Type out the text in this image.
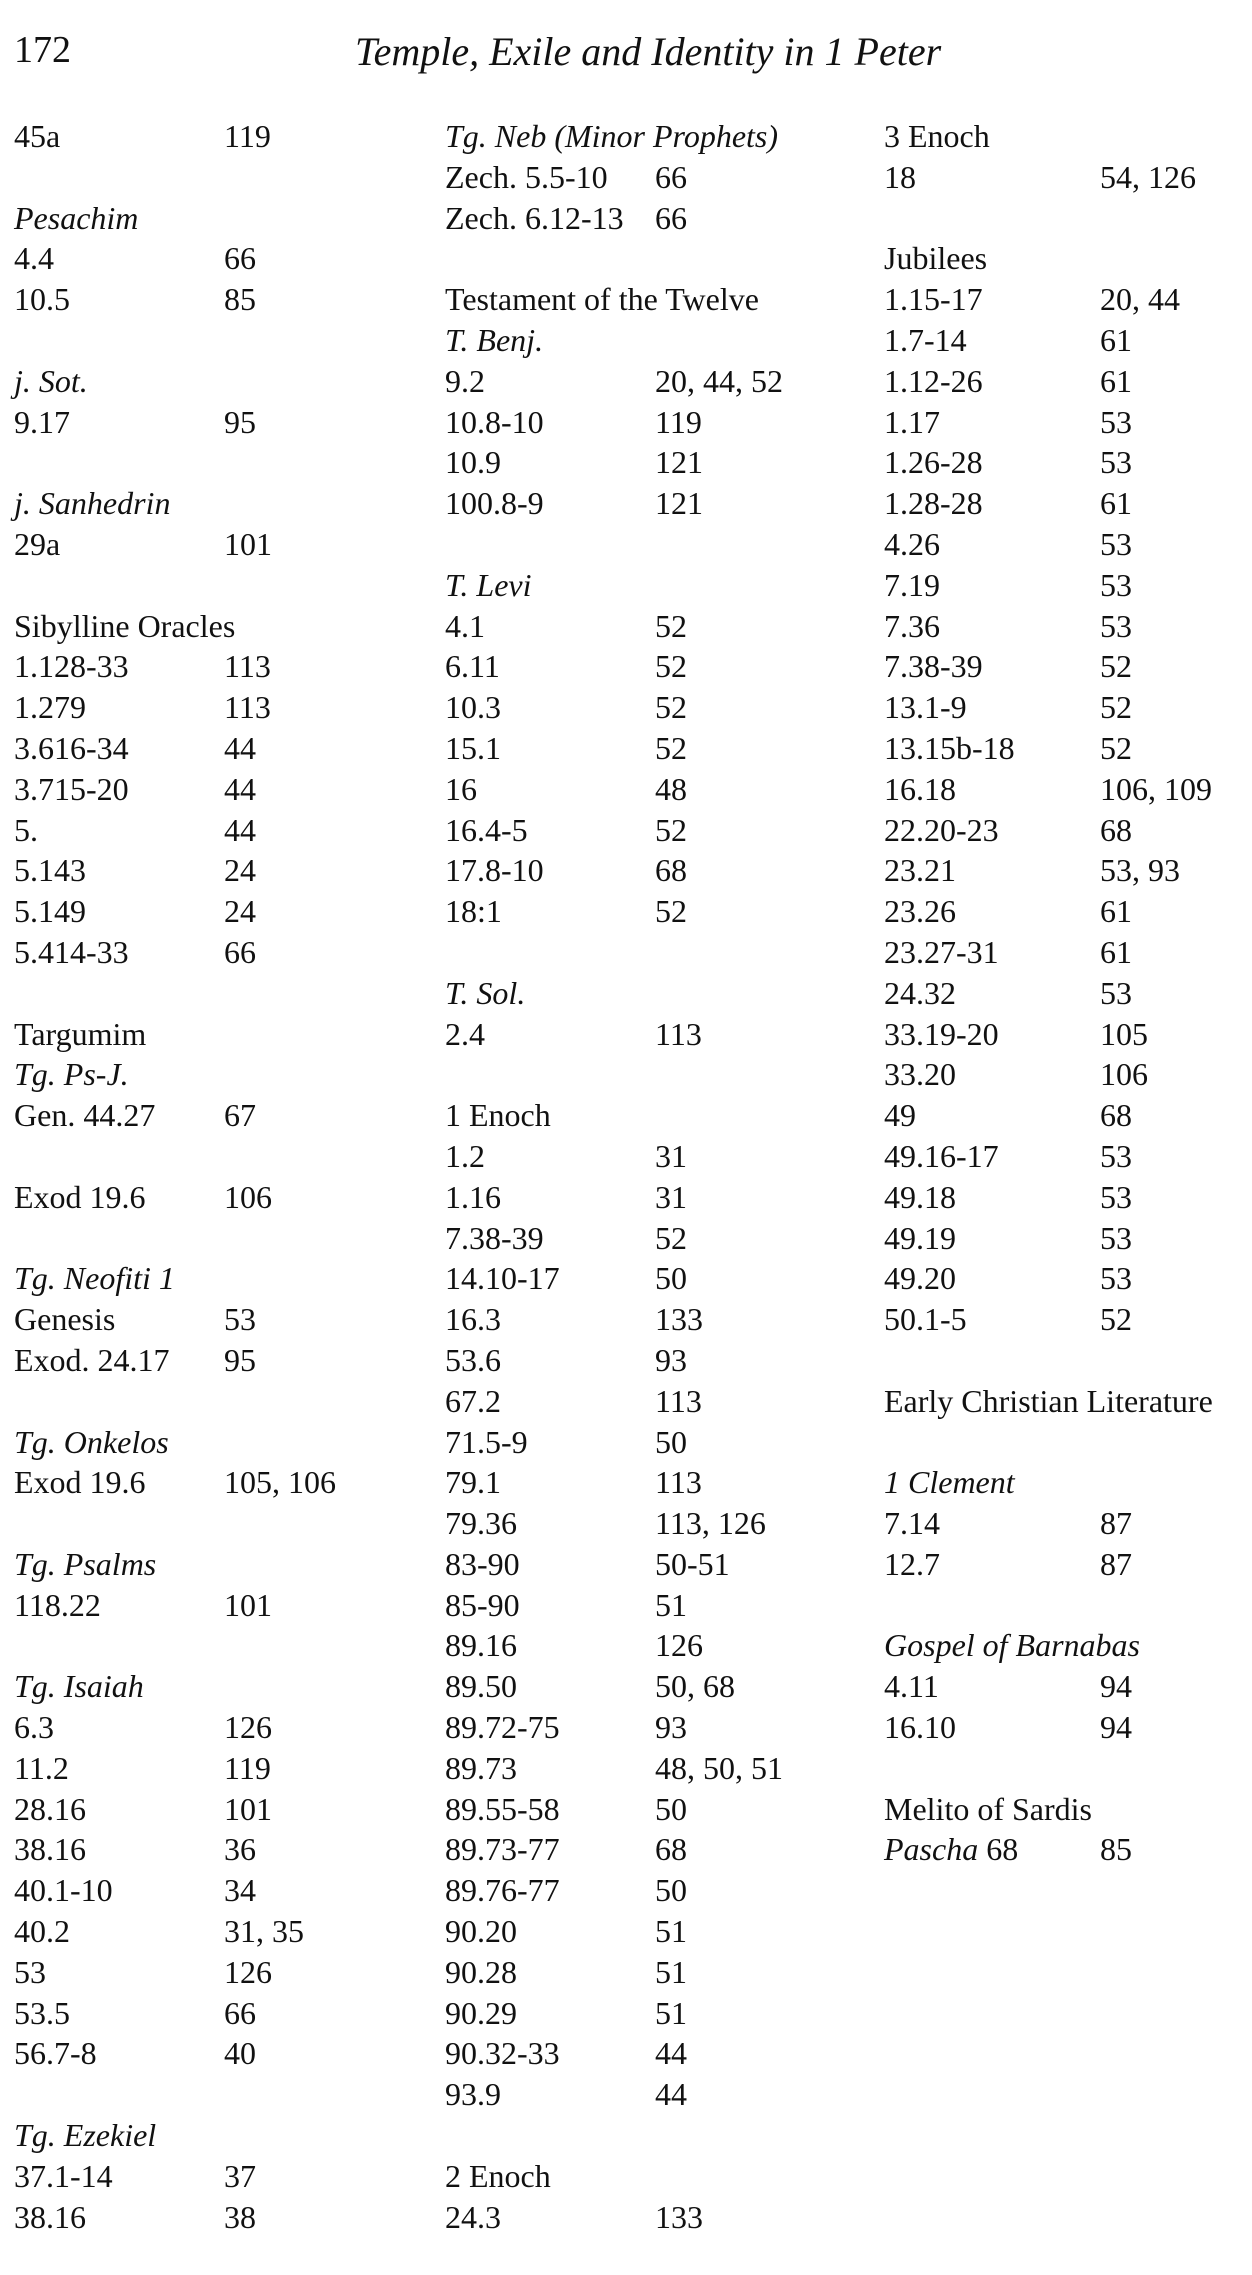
172	Temple, Exile and Identity in 1 Peter
45a	119
Pesachim
4.4	66
10.5	85
j. Sot.
9.17	95
j. Sanhedrin
29a	101
Sibylline Oracles
1.128-33	113
1.279	113
3.616-34	44
3.715-20	44
5.	44
5.143	24
5.149	24
5.414-33	66
Targumim
Tg. Ps-J.
Gen. 44.27 67
Exod 19.6 106
Tg. Neofiti 1
Genesis	53
Exod. 24.17 95
Tg. Onkelos
Exod 19.6 105, 106
Tg. Psalms
118.22	101
Tg. Isaiah
6.3	126
11.2	119
28.16	101
38.16	36
40.1-10	34
40.2	31, 35
53	126
53.5	66
56.7-8	40
Tg. Ezekiel
37.1-14	37
38.16	38
Tg. Neb (Minor Prophets)
Zech. 5.5-10 66
Zech. 6.12-13 66
Testament of the Twelve
T. Benj.
9.2	20, 44, 52
10.8-10	119
10.9	121
100.8-9	121
T. Levi
4.1	52
6.11	52
10.3	52
15.1	52
16	48
16.4-5	52
17.8-10	68
18:1	52
T. Sol.
2.4	113
1 Enoch
1.2	31
1.16	31
7.38-39	52
14.10-17	50
16.3	133
53.6	93
67.2	113
71.5-9	50
79.1	113
79.36	113, 126
83-90	50-51
85-90	51
89.16	126
89.50	50, 68
89.72-75	93
89.73	48, 50, 51
89.55-58	50
89.73-77	68
89.76-77	50
90.20	51
90.28	51
90.29	51
90.32-33	44
93.9	44
2 Enoch
24.3	133
3 Enoch
18	54, 126
Jubilees
1.15-17	20, 44
1.7-14	61
1.12-26	61
1.17	53
1.26-28	53
1.28-28	61
4.26	53
7.19	53
7.36	53
7.38-39	52
13.1-9	52
13.15b-18	52
16.18	106, 109
22.20-23	68
23.21	53, 93
23.26	61
23.27-31	61
24.32	53
33.19-20	105
33.20	106
49	68
49.16-17	53
49.18	53
49.19	53
49.20	53
50.1-5	52
Early Christian Literature
1 Clement
7.14	87
12.7	87
Gospel of Barnabas
4.11	94
16.10	94
Melito of Sardis
Pascha 68	85
